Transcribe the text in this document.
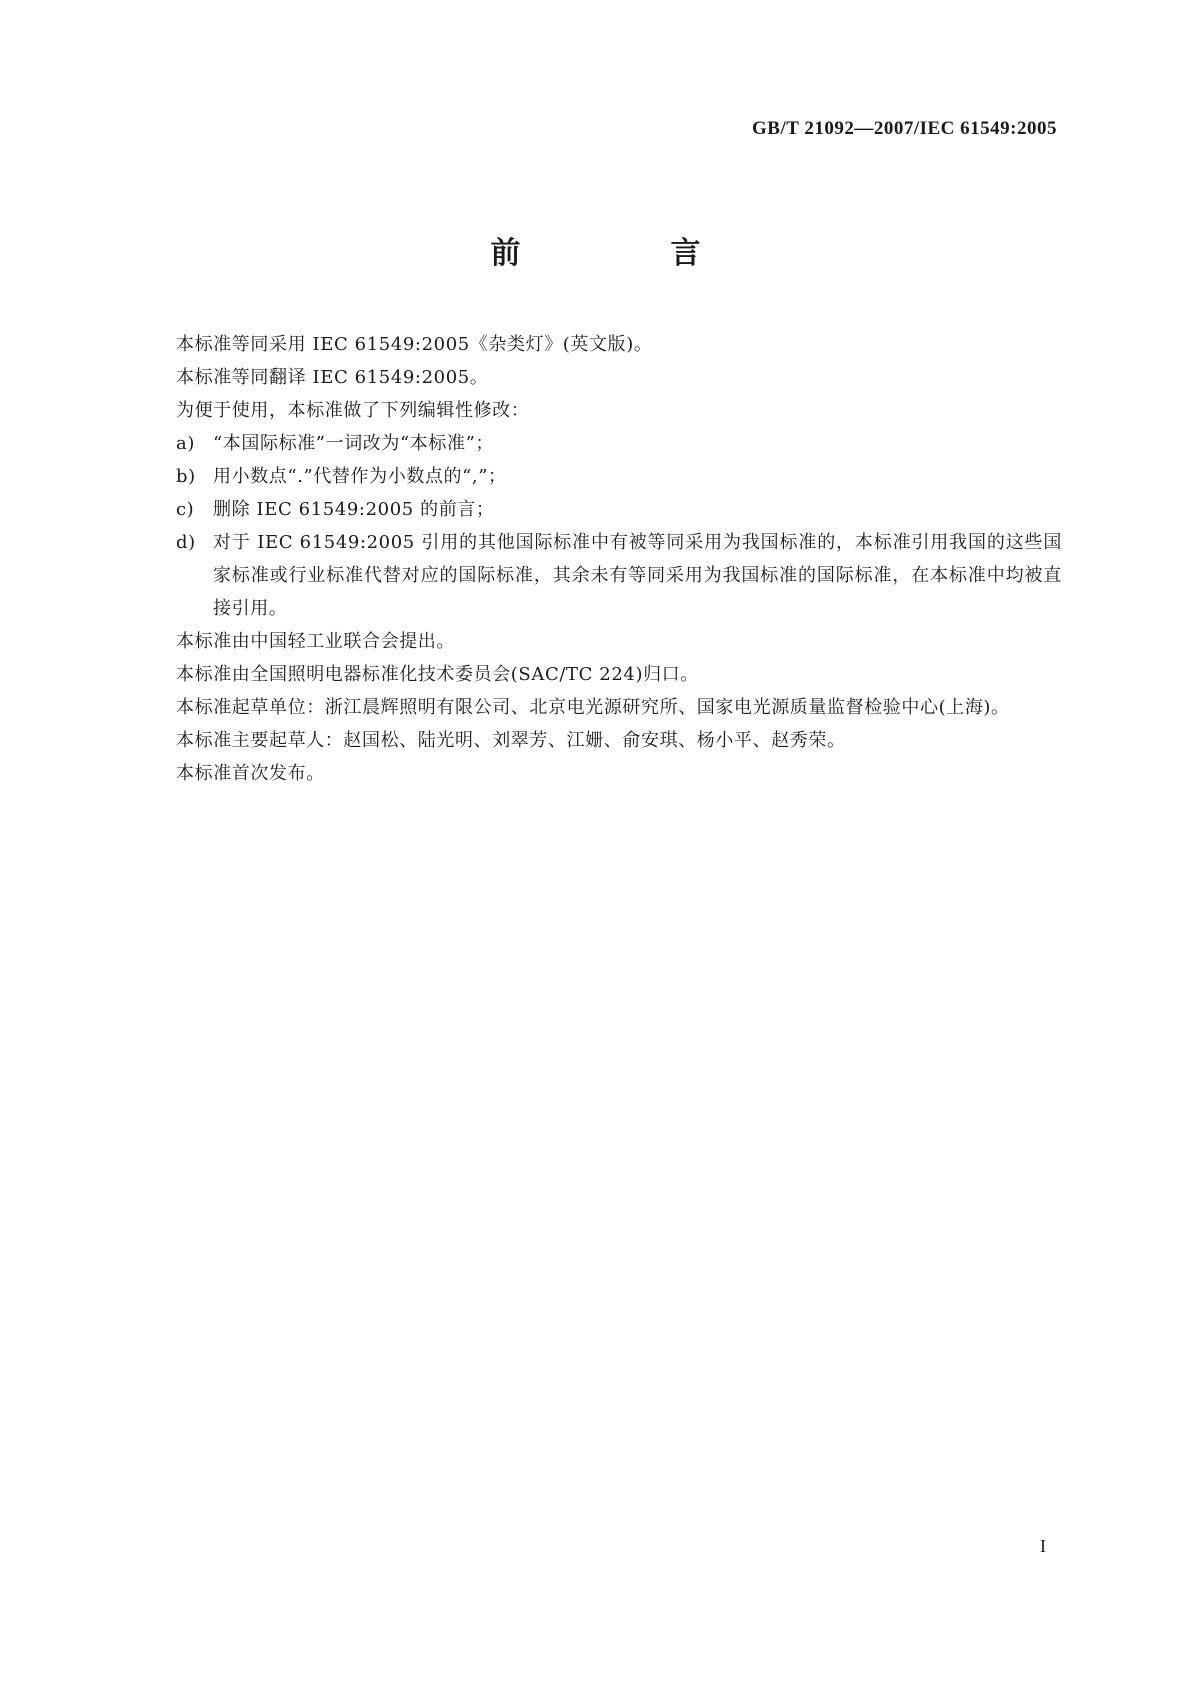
GB/T 21092—2007/IEC 61549:2005
前　言

本标准等同采用 IEC 61549:2005《杂类灯》(英文版)。

本标准等同翻译 IEC 61549:2005。

为便于使用，本标准做了下列编辑性修改：

a) “本国际标准”一词改为“本标准”；
b) 用小数点“.”代替作为小数点的“,”；
c) 删除 IEC 61549:2005 的前言；
d) 对于 IEC 61549:2005 引用的其他国际标准中有被等同采用为我国标准的，本标准引用我国的这些国家标准或行业标准代替对应的国际标准，其余未有等同采用为我国标准的国际标准，在本标准中均被直接引用。

本标准由中国轻工业联合会提出。

本标准由全国照明电器标准化技术委员会(SAC/TC 224)归口。

本标准起草单位：浙江晨辉照明有限公司、北京电光源研究所、国家电光源质量监督检验中心(上海)。

本标准主要起草人：赵国松、陆光明、刘翠芳、江姗、俞安琪、杨小平、赵秀荣。

本标准首次发布。

I
